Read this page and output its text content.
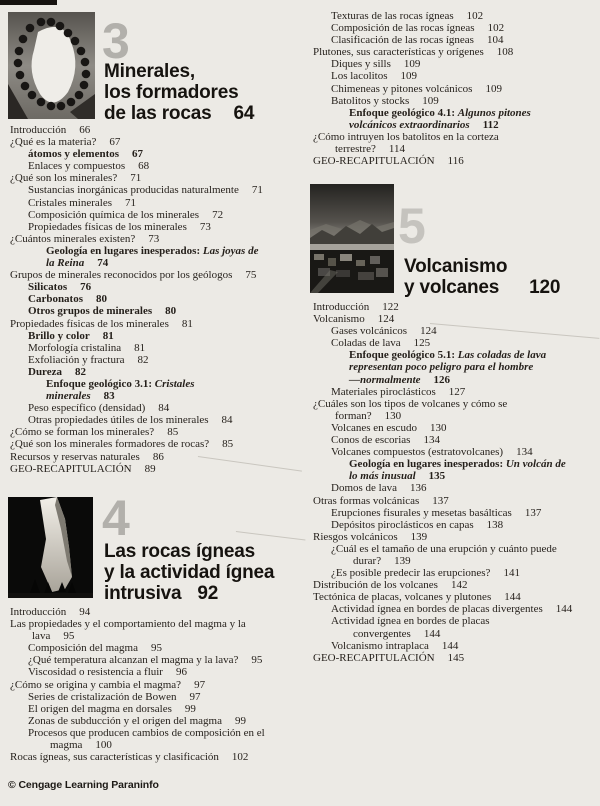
3
Minerales,
los formadores
de las rocas 64
Introducción 66
¿Qué es la materia? 67
átomos y elementos 67
Enlaces y compuestos 68
¿Qué son los minerales? 71
Sustancias inorgánicas producidas naturalmente 71
Cristales minerales 71
Composición química de los minerales 72
Propiedades físicas de los minerales 73
¿Cuántos minerales existen? 73
Geología en lugares inesperados: Las joyas de
la Reina 74
Grupos de minerales reconocidos por los geólogos 75
Silicatos 76
Carbonatos 80
Otros grupos de minerales 80
Propiedades físicas de los minerales 81
Brillo y color 81
Morfología cristalina 81
Exfoliación y fractura 82
Dureza 82
Enfoque geológico 3.1: Cristales
minerales 83
Peso específico (densidad) 84
Otras propiedades útiles de los minerales 84
¿Cómo se forman los minerales? 85
¿Qué son los minerales formadores de rocas? 85
Recursos y reservas naturales 86
GEO-RECAPITULACIÓN 89
4
Las rocas ígneas
y la actividad ígnea
intrusiva 92
Introducción 94
Las propiedades y el comportamiento del magma y la
lava 95
Composición del magma 95
¿Qué temperatura alcanzan el magma y la lava? 95
Viscosidad o resistencia a fluir 96
¿Cómo se origina y cambia el magma? 97
Series de cristalización de Bowen 97
El origen del magma en dorsales 99
Zonas de subducción y el origen del magma 99
Procesos que producen cambios de composición en el
magma 100
Rocas ígneas, sus características y clasificación 102
Texturas de las rocas ígneas 102
Composición de las rocas ígneas 102
Clasificación de las rocas ígneas 104
Plutones, sus características y orígenes 108
Diques y sills 109
Los lacolitos 109
Chimeneas y pitones volcánicos 109
Batolitos y stocks 109
Enfoque geológico 4.1: Algunos pitones
volcánicos extraordinarios 112
¿Cómo intruyen los batolitos en la corteza
terrestre? 114
GEO-RECAPITULACIÓN 116
5
Volcanismo
y volcanes 120
Introducción 122
Volcanismo 124
Gases volcánicos 124
Coladas de lava 125
Enfoque geológico 5.1: Las coladas de lava
representan poco peligro para el hombre
—normalmente 126
Materiales piroclásticos 127
¿Cuáles son los tipos de volcanes y cómo se
forman? 130
Volcanes en escudo 130
Conos de escorias 134
Volcanes compuestos (estratovolcanes) 134
Geología en lugares inesperados: Un volcán de
lo más inusual 135
Domos de lava 136
Otras formas volcánicas 137
Erupciones fisurales y mesetas basálticas 137
Depósitos piroclásticos en capas 138
Riesgos volcánicos 139
¿Cuál es el tamaño de una erupción y cuánto puede
durar? 139
¿Es posible predecir las erupciones? 141
Distribución de los volcanes 142
Tectónica de placas, volcanes y plutones 144
Actividad ígnea en bordes de placas divergentes 144
Actividad ígnea en bordes de placas
convergentes 144
Volcanismo intraplaca 144
GEO-RECAPITULACIÓN 145
© Cengage Learning Paraninfo
